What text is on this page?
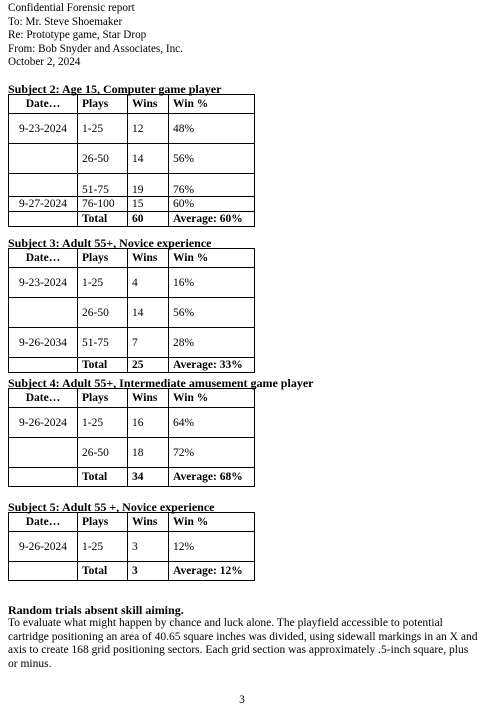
Confidential Forensic report
To: Mr. Steve Shoemaker
Re: Prototype game, Star Drop
From: Bob Snyder and Associates, Inc.
October 2, 2024
Subject 2: Age 15, Computer game player
Date…	Plays	Wins	Win %
9-23-2024	1-25	12	48%
	26-50	14	56%
	51-75	19	76%
9-27-2024	76-100	15	60%
	Total	60	Average: 60%
Subject 3: Adult 55+, Novice experience
Date…	Plays	Wins	Win %
9-23-2024	1-25	4	16%
	26-50	14	56%
9-26-2034	51-75	7	28%
	Total	25	Average: 33%
Subject 4: Adult 55+, Intermediate amusement game player
Date…	Plays	Wins	Win %
9-26-2024	1-25	16	64%
	26-50	18	72%
	Total	34	Average: 68%
Subject 5: Adult 55 +, Novice experience
Date…	Plays	Wins	Win %
9-26-2024	1-25	3	12%
	Total	3	Average: 12%
Random trials absent skill aiming.
To evaluate what might happen by chance and luck alone. The playfield accessible to potential cartridge positioning an area of 40.65 square inches was divided, using sidewall markings in an X and axis to create 168 grid positioning sectors. Each grid section was approximately .5-inch square, plus or minus.
3
